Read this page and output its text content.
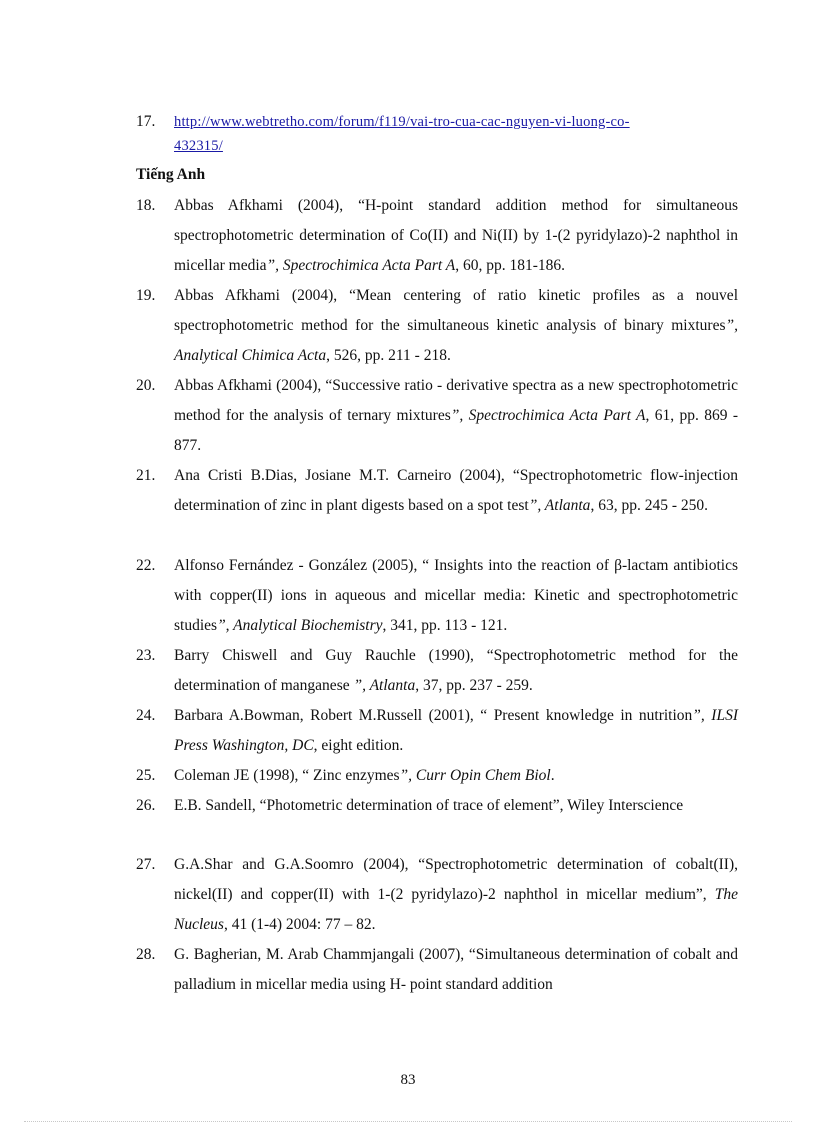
17.	http://www.webtretho.com/forum/f119/vai-tro-cua-cac-nguyen-vi-luong-co-
432315/
Tiếng Anh
18.	Abbas Afkhami (2004), “H-point standard addition method for simultaneous spectrophotometric determination of Co(II) and Ni(II) by 1-(2 pyridylazo)-2 naphthol in micellar media”, Spectrochimica Acta Part A, 60, pp. 181-186.
19.	Abbas Afkhami (2004), “Mean centering of ratio kinetic profiles as a nouvel spectrophotometric method for the simultaneous kinetic analysis of binary mixtures”, Analytical Chimica Acta, 526, pp. 211 - 218.
20.	Abbas Afkhami (2004), “Successive ratio - derivative spectra as a new spectrophotometric method for the analysis of ternary mixtures”, Spectrochimica Acta Part A, 61, pp. 869 - 877.
21.	Ana Cristi B.Dias, Josiane M.T. Carneiro (2004), “Spectrophotometric flow-injection determination of zinc in plant digests based on a spot test”, Atlanta, 63, pp. 245 - 250.
22.	Alfonso Fernández - González (2005), “ Insights into the reaction of β-lactam antibiotics with copper(II) ions in aqueous and micellar media: Kinetic and spectrophotometric studies”, Analytical Biochemistry, 341, pp. 113 - 121.
23.	Barry Chiswell and Guy Rauchle (1990), “Spectrophotometric method for the determination of manganese ”, Atlanta, 37, pp. 237 - 259.
24.	Barbara A.Bowman, Robert M.Russell (2001), “ Present knowledge in nutrition”, ILSI Press Washington, DC, eight edition.
25.	Coleman JE (1998), “ Zinc enzymes”, Curr Opin Chem Biol.
26.	E.B. Sandell, “Photometric determination of trace of element”, Wiley Interscience
27.	G.A.Shar and G.A.Soomro (2004), “Spectrophotometric determination of cobalt(II), nickel(II) and copper(II) with 1-(2 pyridylazo)-2 naphthol in micellar medium”, The Nucleus, 41 (1-4) 2004: 77 – 82.
28.	G. Bagherian, M. Arab Chammjangali (2007), “Simultaneous determination of cobalt and palladium in micellar media using H- point standard addition
83
